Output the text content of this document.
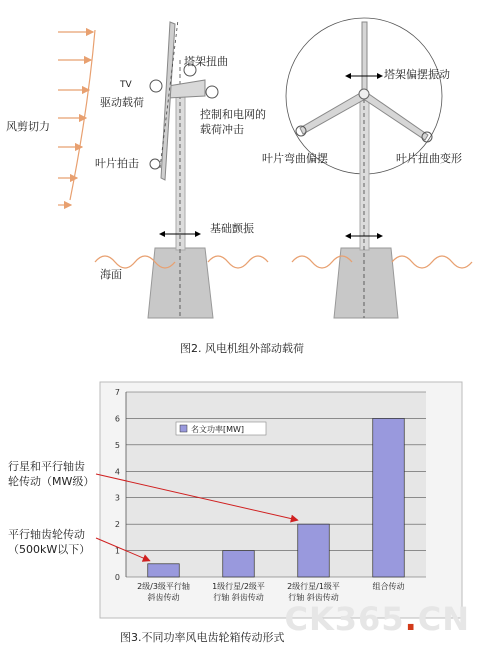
风剪切力
TV
驱动载荷
塔架扭曲
控制和电网的
载荷冲击
叶片拍击
基础颤振
海面
塔架偏摆振动
叶片弯曲偏摆	叶片扭曲变形
图2. 风电机组外部动载荷
0
1
2
3
4
5
6
7
2级/3级平行轴
斜齿传动
1级行星/2级平
行轴 斜齿传动
2级行星/1级平
行轴 斜齿传动
组合传动
名文功率[MW]
行星和平行轴齿
轮传动（MW级）
平行轴齿轮传动
（500kW以下）
图3.不同功率风电齿轮箱传动形式 CK365.CN
